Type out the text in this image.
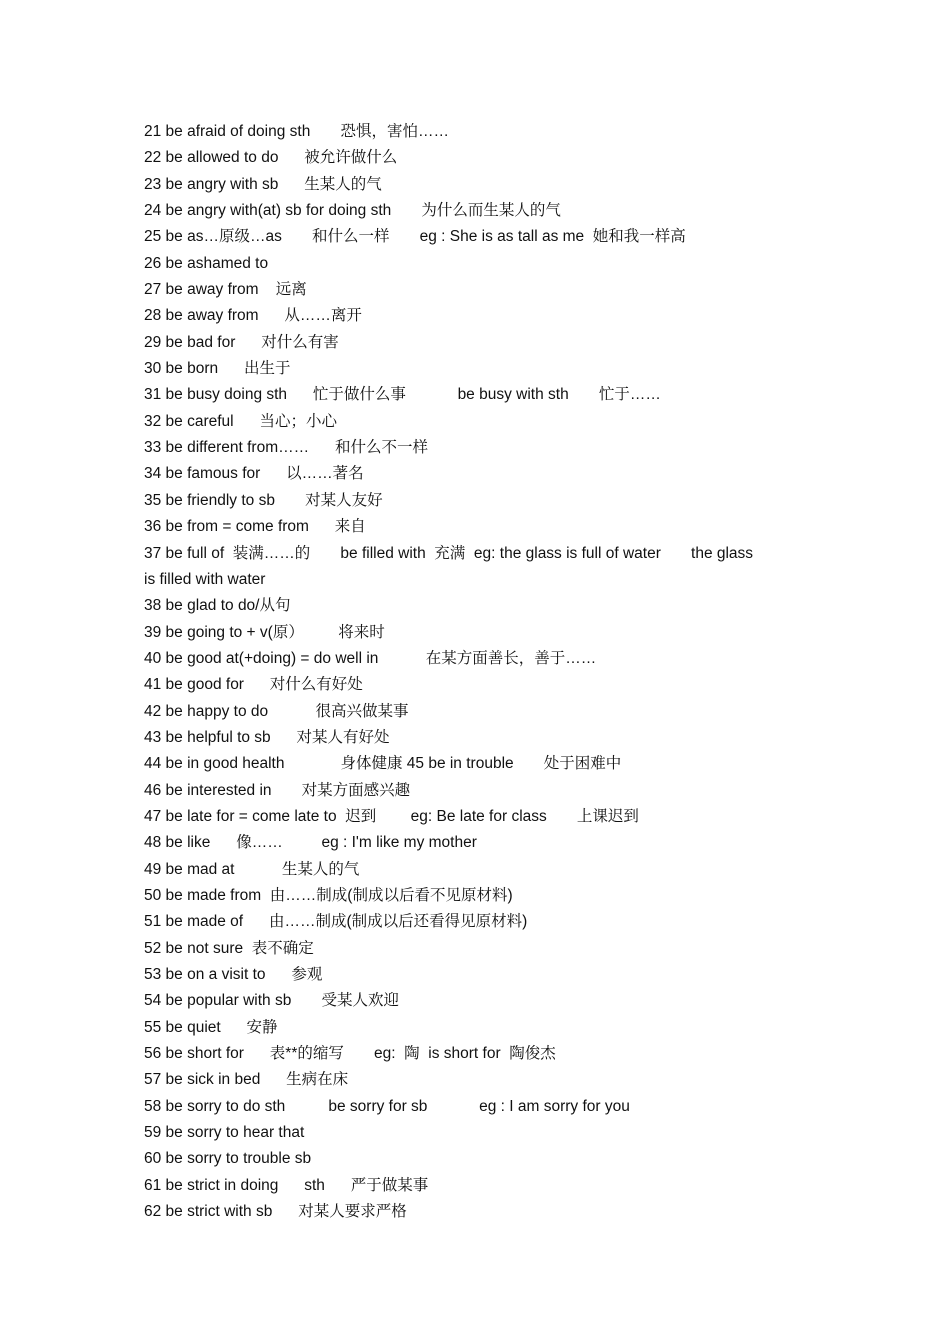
21 be afraid of doing sth       恐惧，害怕……
22 be allowed to do      被允许做什么
23 be angry with sb      生某人的气
24 be angry with(at) sb for doing sth       为什么而生某人的气
25 be as…原级…as       和什么一样       eg : She is as tall as me  她和我一样高
26 be ashamed to
27 be away from    远离
28 be away from      从……离开
29 be bad for      对什么有害
30 be born      出生于
31 be busy doing sth      忙于做什么事            be busy with sth       忙于……
32 be careful      当心；小心
33 be different from……      和什么不一样
34 be famous for      以……著名
35 be friendly to sb       对某人友好
36 be from = come from      来自
37 be full of  装满……的       be filled with  充满  eg: the glass is full of water       the glass
is filled with water
38 be glad to do/从句
39 be going to + v(原）        将来时
40 be good at(+doing) = do well in           在某方面善长，善于……
41 be good for      对什么有好处
42 be happy to do           很高兴做某事
43 be helpful to sb      对某人有好处
44 be in good health             身体健康 45 be in trouble       处于困难中
46 be interested in       对某方面感兴趣
47 be late for = come late to  迟到        eg: Be late for class       上课迟到
48 be like      像……         eg : I'm like my mother
49 be mad at           生某人的气
50 be made from  由……制成(制成以后看不见原材料)
51 be made of      由……制成(制成以后还看得见原材料)
52 be not sure  表不确定
53 be on a visit to      参观
54 be popular with sb       受某人欢迎
55 be quiet      安静
56 be short for      表**的缩写       eg:  陶  is short for  陶俊杰
57 be sick in bed      生病在床
58 be sorry to do sth          be sorry for sb            eg : I am sorry for you
59 be sorry to hear that
60 be sorry to trouble sb
61 be strict in doing      sth      严于做某事
62 be strict with sb      对某人要求严格
